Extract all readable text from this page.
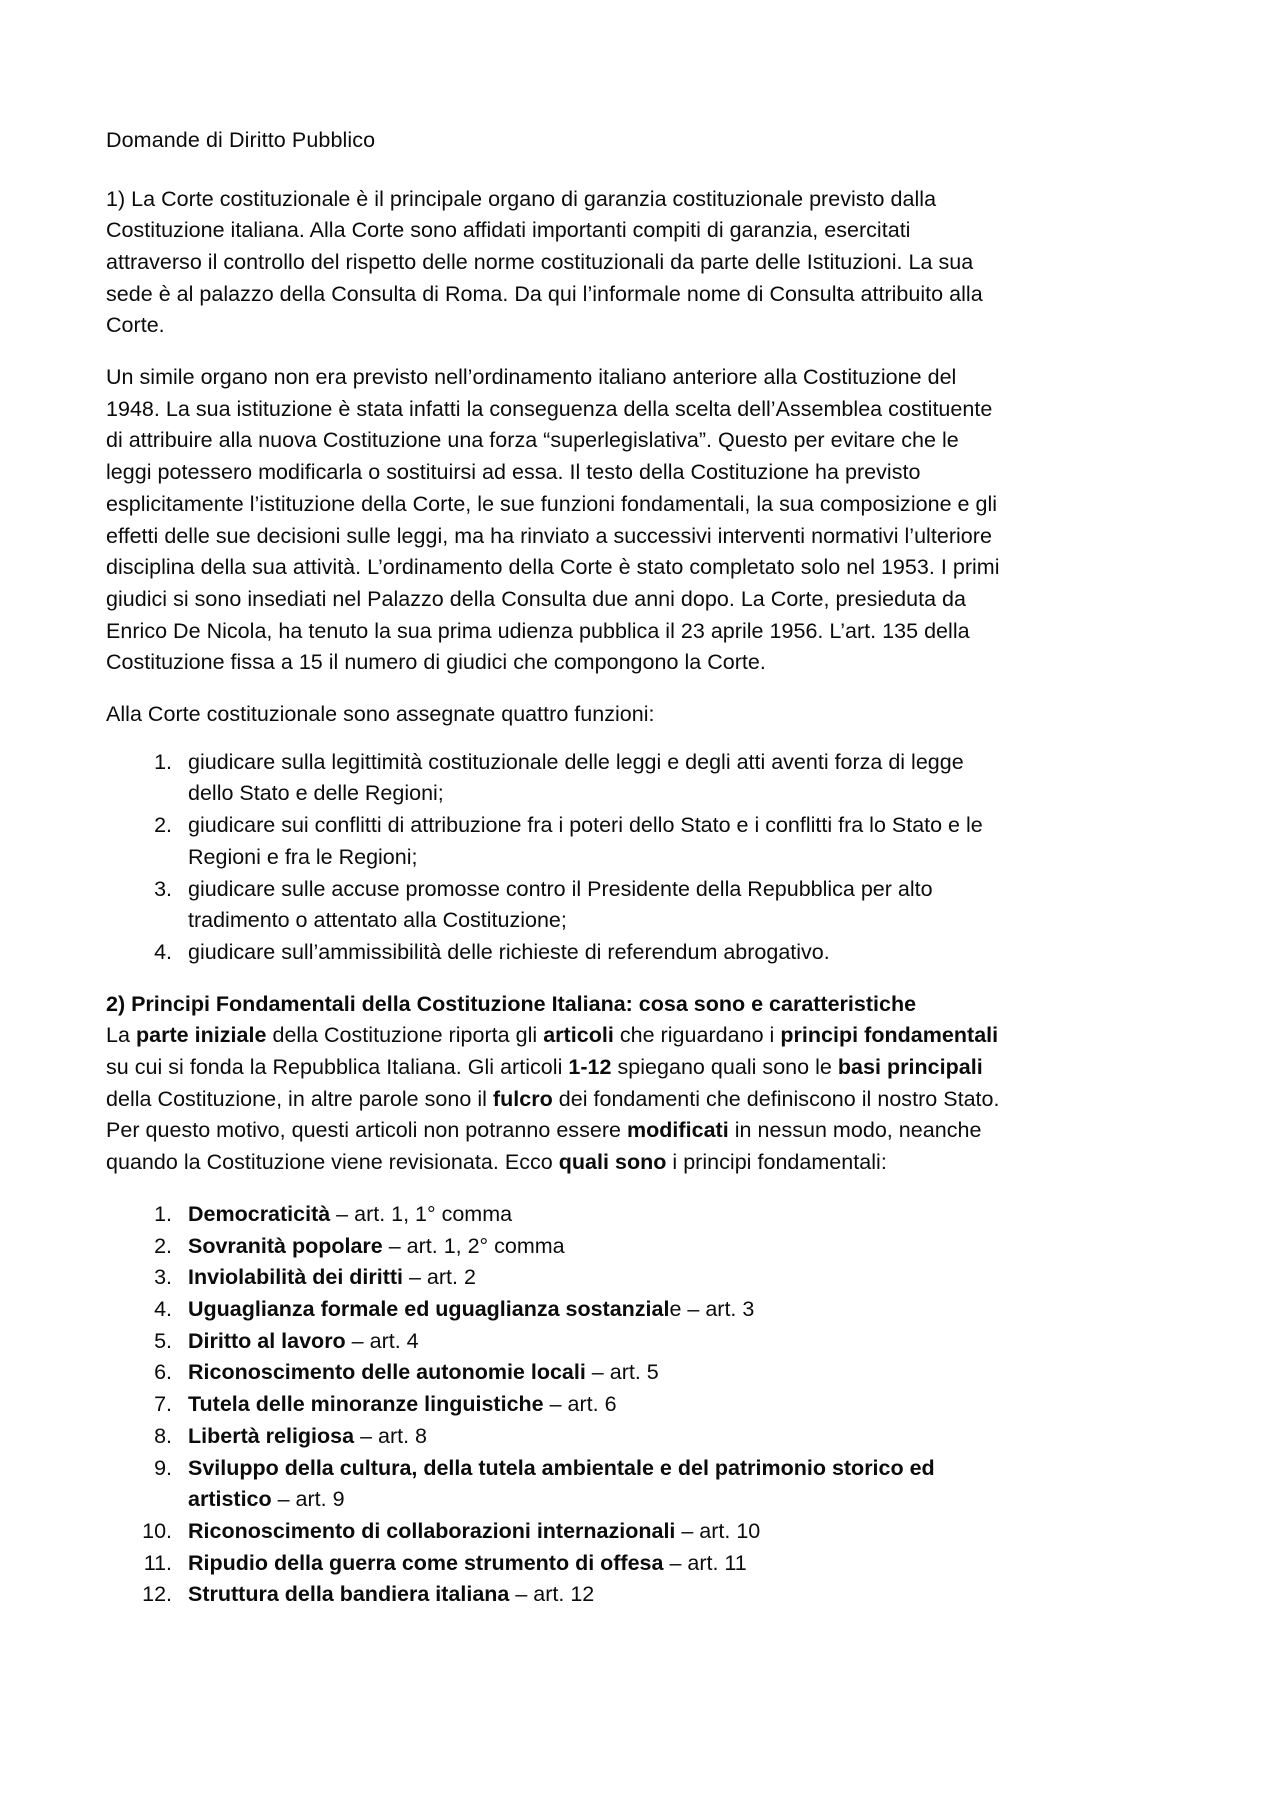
Domande di Diritto Pubblico

1) La Corte costituzionale è il principale organo di garanzia costituzionale previsto dalla Costituzione italiana. Alla Corte sono affidati importanti compiti di garanzia, esercitati attraverso il controllo del rispetto delle norme costituzionali da parte delle Istituzioni. La sua sede è al palazzo della Consulta di Roma. Da qui l’informale nome di Consulta attribuito alla Corte.

Un simile organo non era previsto nell’ordinamento italiano anteriore alla Costituzione del 1948. La sua istituzione è stata infatti la conseguenza della scelta dell’Assemblea costituente di attribuire alla nuova Costituzione una forza “superlegislativa”. Questo per evitare che le leggi potessero modificarla o sostituirsi ad essa. Il testo della Costituzione ha previsto esplicitamente l’istituzione della Corte, le sue funzioni fondamentali, la sua composizione e gli effetti delle sue decisioni sulle leggi, ma ha rinviato a successivi interventi normativi l’ulteriore disciplina della sua attività. L’ordinamento della Corte è stato completato solo nel 1953. I primi giudici si sono insediati nel Palazzo della Consulta due anni dopo. La Corte, presieduta da Enrico De Nicola, ha tenuto la sua prima udienza pubblica il 23 aprile 1956. L’art. 135 della Costituzione fissa a 15 il numero di giudici che compongono la Corte.

Alla Corte costituzionale sono assegnate quattro funzioni:

1. giudicare sulla legittimità costituzionale delle leggi e degli atti aventi forza di legge dello Stato e delle Regioni;
2. giudicare sui conflitti di attribuzione fra i poteri dello Stato e i conflitti fra lo Stato e le Regioni e fra le Regioni;
3. giudicare sulle accuse promosse contro il Presidente della Repubblica per alto tradimento o attentato alla Costituzione;
4. giudicare sull’ammissibilità delle richieste di referendum abrogativo.
2) Principi Fondamentali della Costituzione Italiana: cosa sono e caratteristiche

La parte iniziale della Costituzione riporta gli articoli che riguardano i principi fondamentali su cui si fonda la Repubblica Italiana. Gli articoli 1-12 spiegano quali sono le basi principali della Costituzione, in altre parole sono il fulcro dei fondamenti che definiscono il nostro Stato. Per questo motivo, questi articoli non potranno essere modificati in nessun modo, neanche quando la Costituzione viene revisionata. Ecco quali sono i principi fondamentali:

1. Democraticità – art. 1, 1° comma
2. Sovranità popolare – art. 1, 2° comma
3. Inviolabilità dei diritti – art. 2
4. Uguaglianza formale ed uguaglianza sostanziale – art. 3
5. Diritto al lavoro – art. 4
6. Riconoscimento delle autonomie locali – art. 5
7. Tutela delle minoranze linguistiche – art. 6
8. Libertà religiosa – art. 8
9. Sviluppo della cultura, della tutela ambientale e del patrimonio storico ed artistico – art. 9
10. Riconoscimento di collaborazioni internazionali – art. 10
11. Ripudio della guerra come strumento di offesa – art. 11
12. Struttura della bandiera italiana – art. 12
